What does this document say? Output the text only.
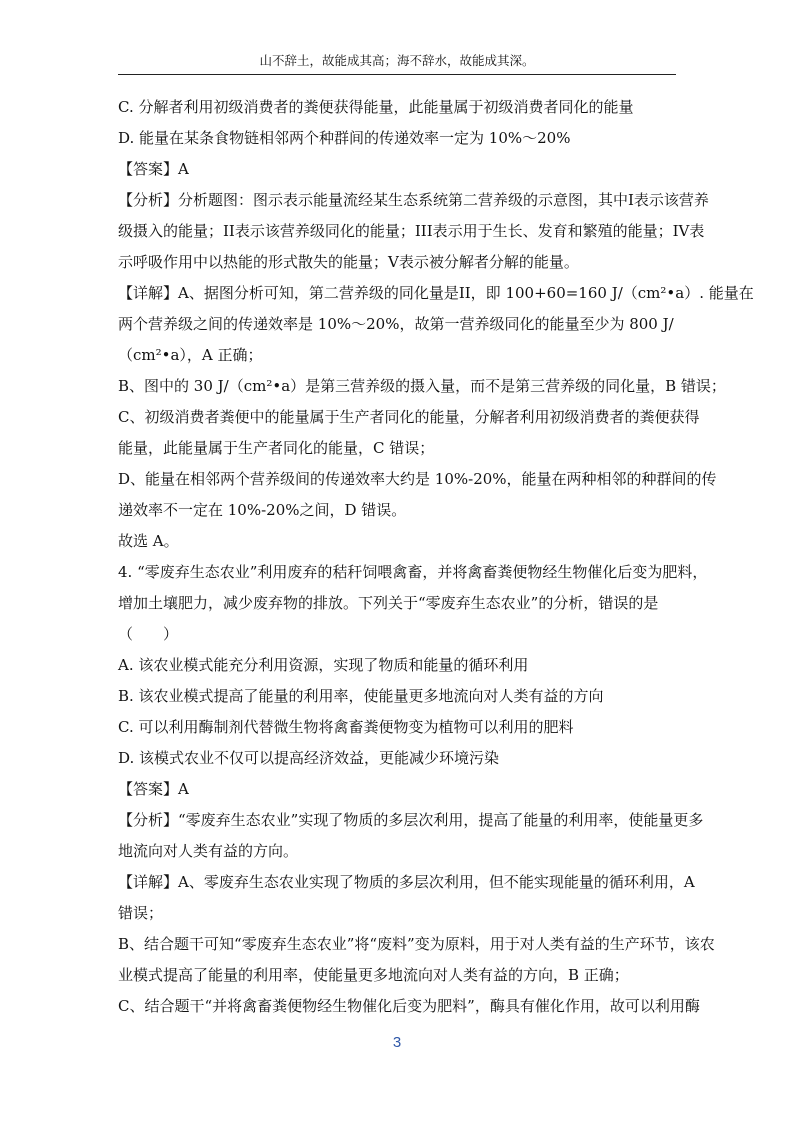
山不辞土，故能成其高；海不辞水，故能成其深。
C. 分解者利用初级消费者的粪便获得能量，此能量属于初级消费者同化的能量
D. 能量在某条食物链相邻两个种群间的传递效率一定为 10%～20%
【答案】A
【分析】分析题图：图示表示能量流经某生态系统第二营养级的示意图，其中I表示该营养
级摄入的能量；II表示该营养级同化的能量；III表示用于生长、发育和繁殖的能量；IV表
示呼吸作用中以热能的形式散失的能量；V表示被分解者分解的能量。
【详解】A、据图分析可知，第二营养级的同化量是II，即 100+60=160 J/（cm²•a）. 能量在
两个营养级之间的传递效率是 10%～20%，故第一营养级同化的能量至少为 800 J/
（cm²•a），A 正确；
B、图中的 30 J/（cm²•a）是第三营养级的摄入量，而不是第三营养级的同化量，B 错误；
C、初级消费者粪便中的能量属于生产者同化的能量，分解者利用初级消费者的粪便获得
能量，此能量属于生产者同化的能量，C 错误；
D、能量在相邻两个营养级间的传递效率大约是 10%-20%，能量在两种相邻的种群间的传
递效率不一定在 10%-20%之间，D 错误。
故选 A。
4. “零废弃生态农业”利用废弃的秸秆饲喂禽畜，并将禽畜粪便物经生物催化后变为肥料，
增加土壤肥力，减少废弃物的排放。下列关于“零废弃生态农业”的分析，错误的是
（　　）
A. 该农业模式能充分利用资源，实现了物质和能量的循环利用
B. 该农业模式提高了能量的利用率，使能量更多地流向对人类有益的方向
C. 可以利用酶制剂代替微生物将禽畜粪便物变为植物可以利用的肥料
D. 该模式农业不仅可以提高经济效益，更能减少环境污染
【答案】A
【分析】“零废弃生态农业”实现了物质的多层次利用，提高了能量的利用率，使能量更多
地流向对人类有益的方向。
【详解】A、零废弃生态农业实现了物质的多层次利用，但不能实现能量的循环利用，A
错误；
B、结合题干可知“零废弃生态农业”将“废料”变为原料，用于对人类有益的生产环节，该农
业模式提高了能量的利用率，使能量更多地流向对人类有益的方向，B 正确；
C、结合题干“并将禽畜粪便物经生物催化后变为肥料”，酶具有催化作用，故可以利用酶
3
